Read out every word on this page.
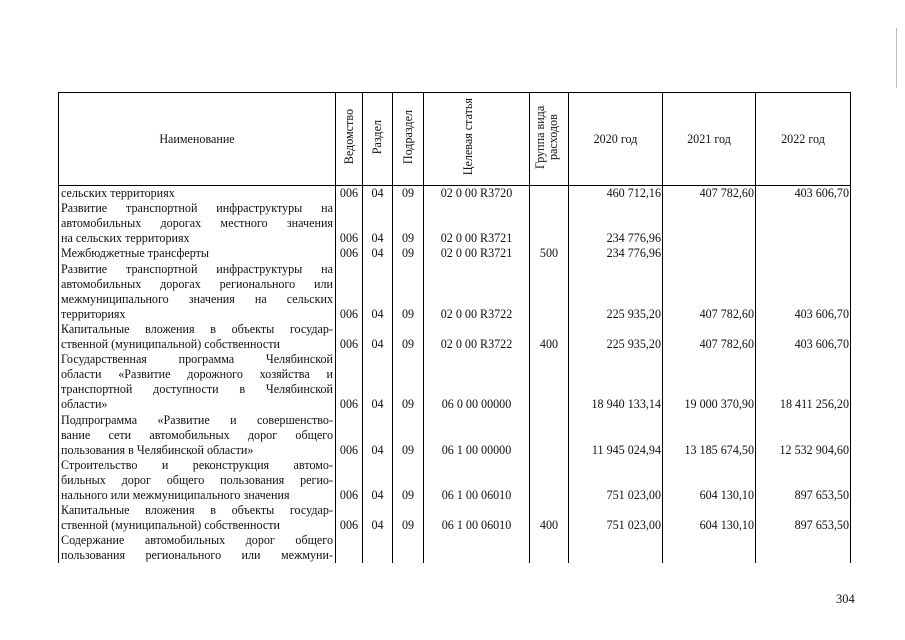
Наименование	Ведомство	Раздел	Подраздел	Целевая статья	Группа вида расходов	2020 год	2021 год	2022 год

сельских территориях	006	04	09	02 0 00 R3720		460 712,16	407 782,60	403 606,70

Развитие транспортной инфраструктуры на
автомобильных дорогах местного значения
на сельских территориях	006	04	09	02 0 00 R3721		234 776,96		

Межбюджетные трансферты	006	04	09	02 0 00 R3721	500	234 776,96		

Развитие транспортной инфраструктуры на
автомобильных дорогах регионального или
межмуниципального значения на сельских
территориях	006	04	09	02 0 00 R3722		225 935,20	407 782,60	403 606,70

Капитальные вложения в объекты государ-
ственной (муниципальной) собственности	006	04	09	02 0 00 R3722	400	225 935,20	407 782,60	403 606,70

Государственная программа Челябинской
области «Развитие дорожного хозяйства и
транспортной доступности в Челябинской
области»	006	04	09	06 0 00 00000		18 940 133,14	19 000 370,90	18 411 256,20

Подпрограмма «Развитие и совершенство-
вание сети автомобильных дорог общего
пользования в Челябинской области»	006	04	09	06 1 00 00000		11 945 024,94	13 185 674,50	12 532 904,60

Строительство и реконструкция автомо-
бильных дорог общего пользования регио-
нального или межмуниципального значения	006	04	09	06 1 00 06010		751 023,00	604 130,10	897 653,50

Капитальные вложения в объекты государ-
ственной (муниципальной) собственности	006	04	09	06 1 00 06010	400	751 023,00	604 130,10	897 653,50

Содержание автомобильных дорог общего
пользования регионального или межмуни-								

304
